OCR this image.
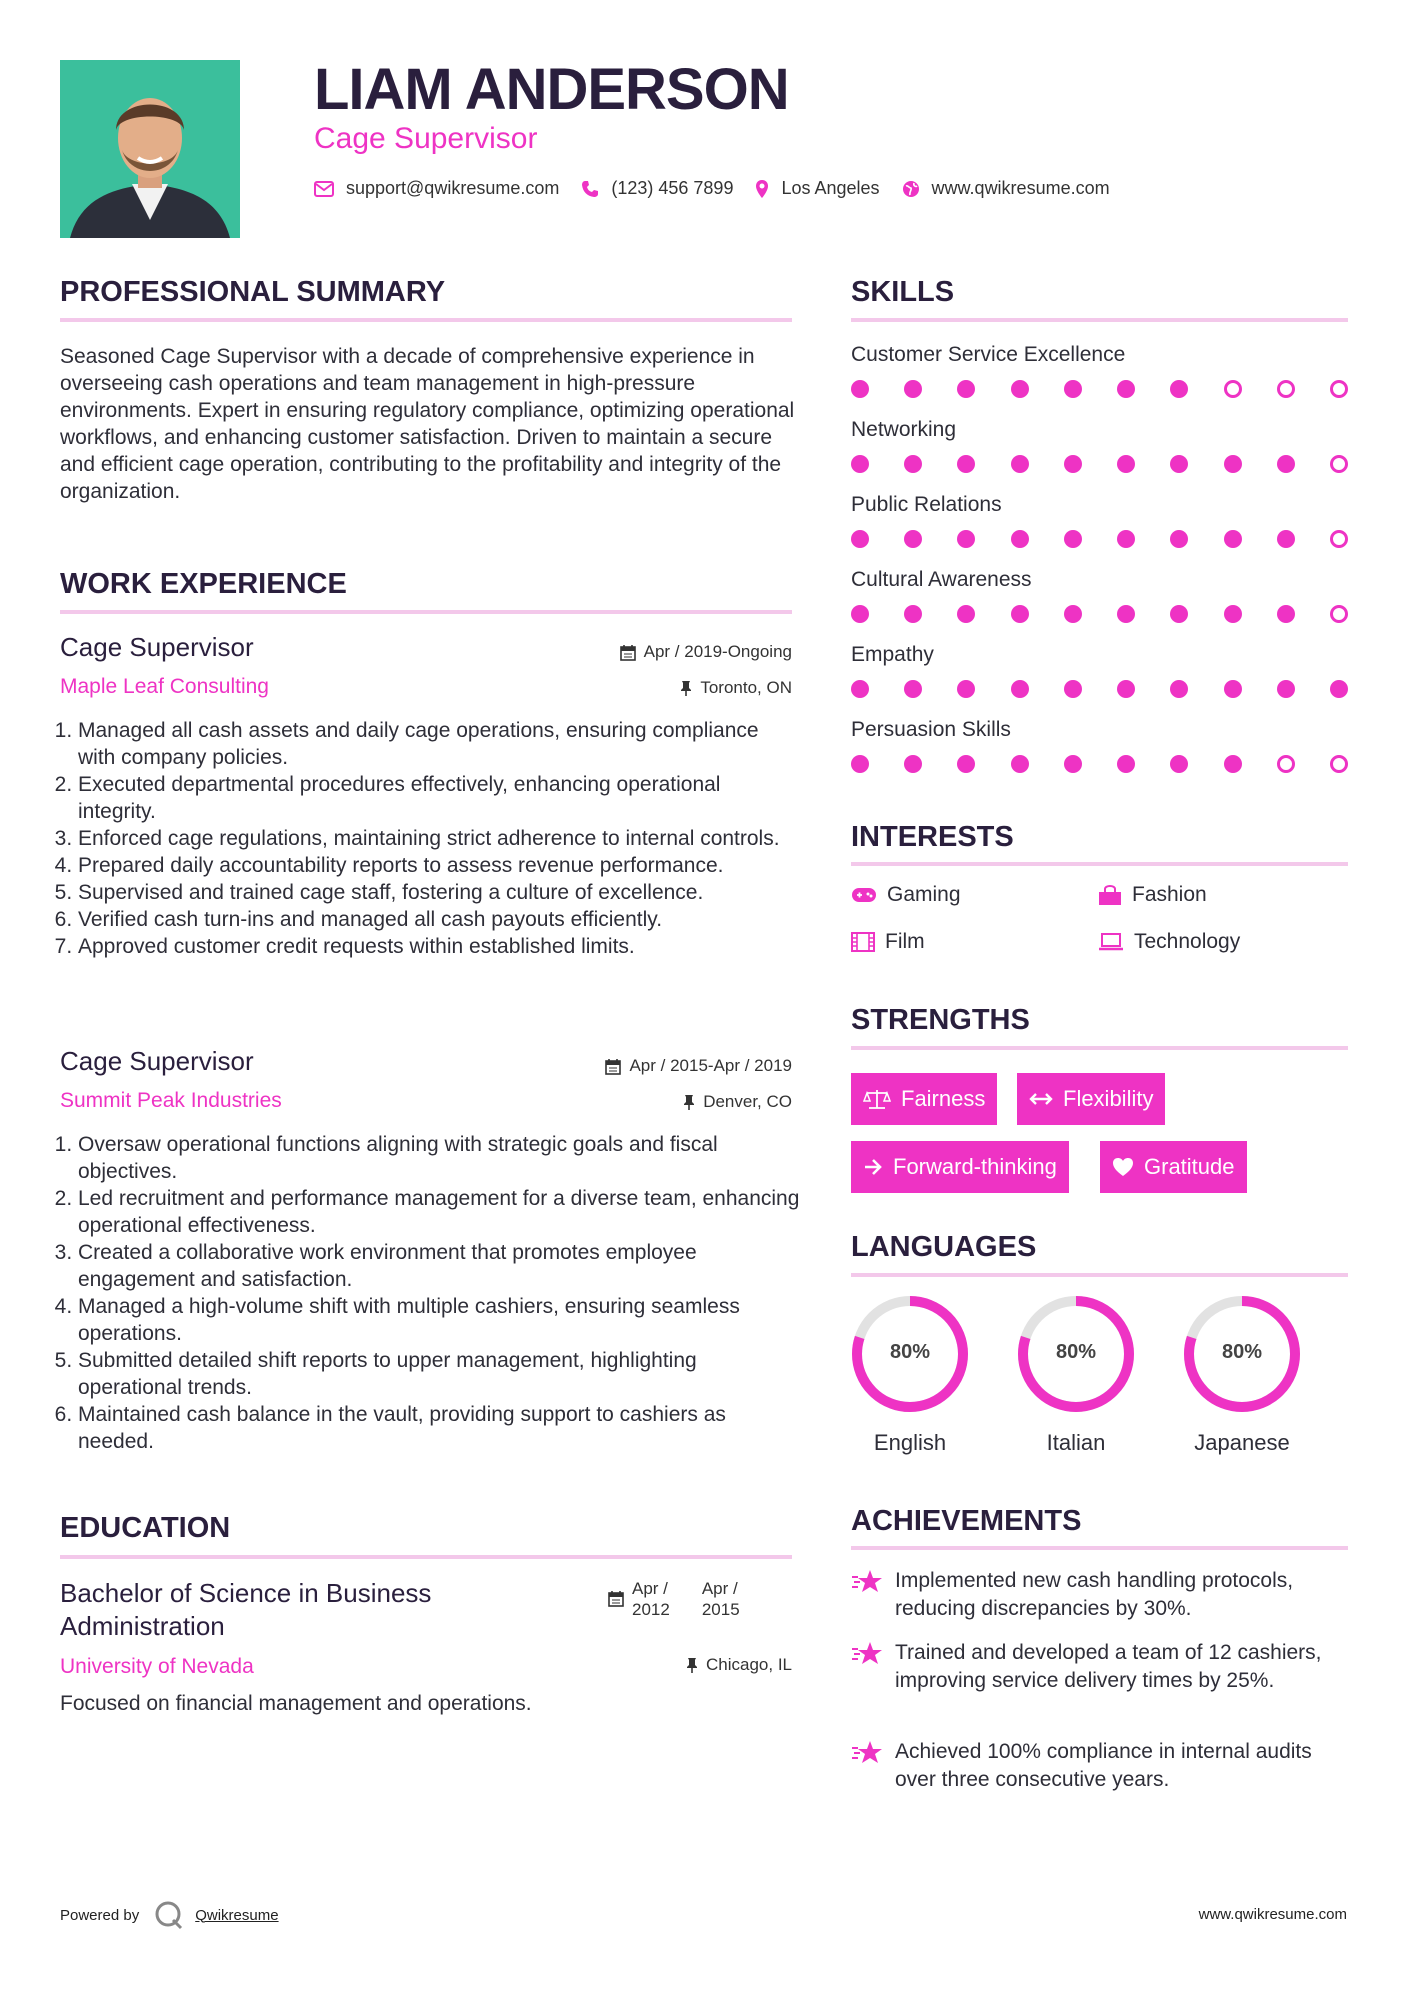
LIAM ANDERSON
Cage Supervisor
support@qwikresume.com	(123) 456 7899	Los Angeles	www.qwikresume.com
PROFESSIONAL SUMMARY
Seasoned Cage Supervisor with a decade of comprehensive experience in overseeing cash operations and team management in high-pressure environments. Expert in ensuring regulatory compliance, optimizing operational workflows, and enhancing customer satisfaction. Driven to maintain a secure and efficient cage operation, contributing to the profitability and integrity of the organization.
WORK EXPERIENCE
Cage Supervisor	Apr / 2019-Ongoing
Maple Leaf Consulting	Toronto, ON
1. Managed all cash assets and daily cage operations, ensuring compliance with company policies.
2. Executed departmental procedures effectively, enhancing operational integrity.
3. Enforced cage regulations, maintaining strict adherence to internal controls.
4. Prepared daily accountability reports to assess revenue performance.
5. Supervised and trained cage staff, fostering a culture of excellence.
6. Verified cash turn-ins and managed all cash payouts efficiently.
7. Approved customer credit requests within established limits.
Cage Supervisor	Apr / 2015-Apr / 2019
Summit Peak Industries	Denver, CO
1. Oversaw operational functions aligning with strategic goals and fiscal objectives.
2. Led recruitment and performance management for a diverse team, enhancing operational effectiveness.
3. Created a collaborative work environment that promotes employee engagement and satisfaction.
4. Managed a high-volume shift with multiple cashiers, ensuring seamless operations.
5. Submitted detailed shift reports to upper management, highlighting operational trends.
6. Maintained cash balance in the vault, providing support to cashiers as needed.
EDUCATION
Bachelor of Science in Business Administration
Apr /
2012
Apr /
2015
University of Nevada	Chicago, IL
Focused on financial management and operations.
SKILLS
Customer Service Excellence
Networking
Public Relations
Cultural Awareness
Empathy
Persuasion Skills
INTERESTS
Gaming	Fashion
Film	Technology
STRENGTHS
Fairness	Flexibility
Forward-thinking	Gratitude
LANGUAGES
80%
English
80%
Italian
80%
Japanese
ACHIEVEMENTS
Implemented new cash handling protocols, reducing discrepancies by 30%.
Trained and developed a team of 12 cashiers, improving service delivery times by 25%.
Achieved 100% compliance in internal audits over three consecutive years.
Powered by	Qwikresume	www.qwikresume.com
